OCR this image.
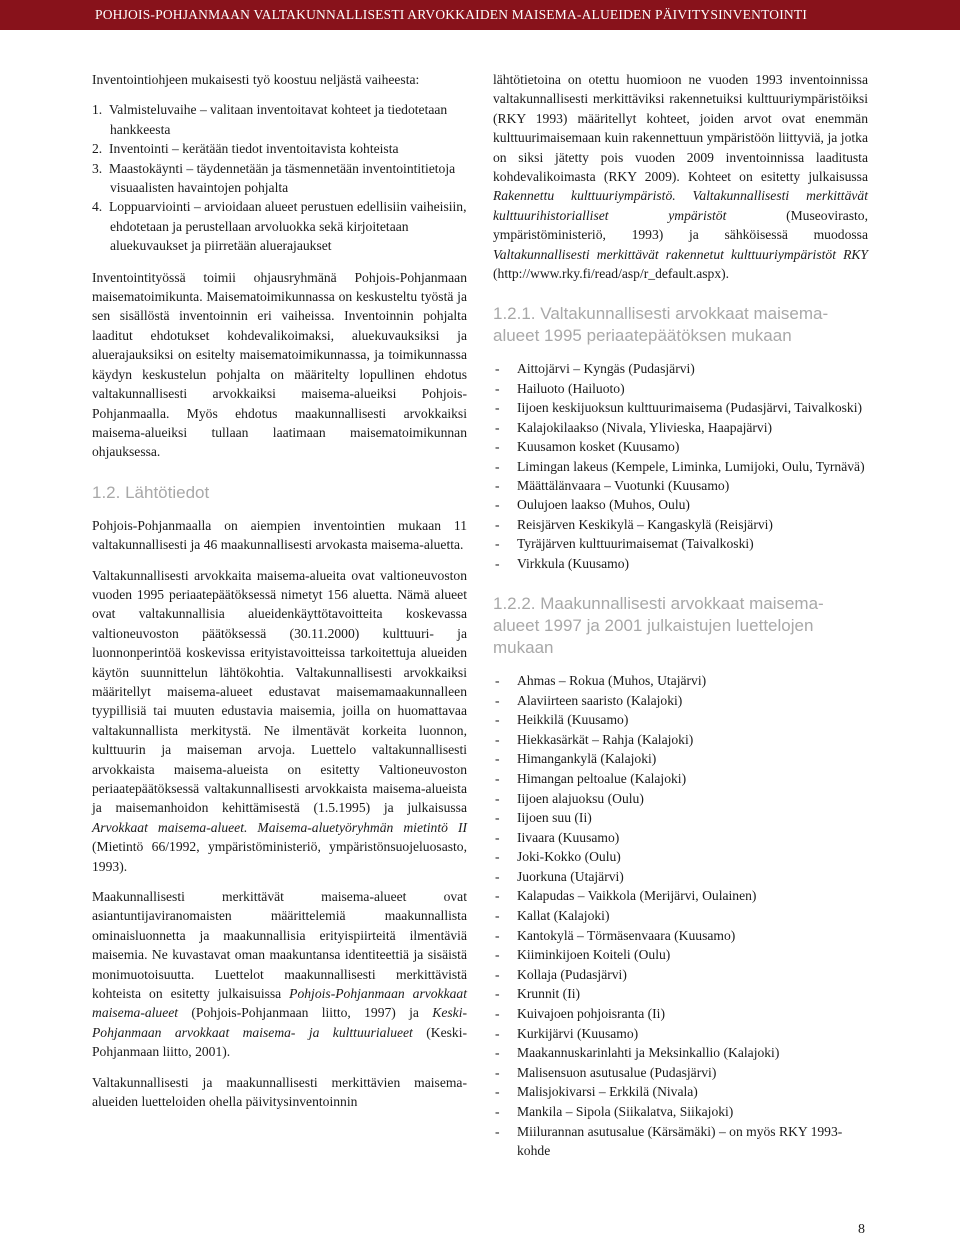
POHJOIS-POHJANMAAN VALTAKUNNALLISESTI ARVOKKAIDEN MAISEMA-ALUEIDEN PÄIVITYSINVENTOINTI

Inventointiohjeen mukaisesti työ koostuu neljästä vaiheesta:

1.  Valmisteluvaihe – valitaan inventoitavat kohteet ja tiedotetaan hankkeesta
2.  Inventointi – kerätään tiedot inventoitavista kohteista
3.  Maastokäynti – täydennetään ja täsmennetään inventointitietoja visuaalisten havaintojen pohjalta
4.  Loppuarviointi – arvioidaan alueet perustuen edellisiin vaiheisiin, ehdotetaan ja perustellaan arvoluokka sekä kirjoitetaan aluekuvaukset ja piirretään aluerajaukset

Inventointityössä toimii ohjausryhmänä Pohjois-Pohjanmaan maisematoimikunta. Maisematoimikunnassa on keskusteltu työstä ja sen sisällöstä inventoinnin eri vaiheissa. Inventoinnin pohjalta laaditut ehdotukset kohdevalikoimaksi, aluekuvauksiksi ja aluerajauksiksi on esitelty maisematoimikunnassa, ja toimikunnassa käydyn keskustelun pohjalta on määritelty lopullinen ehdotus valtakunnallisesti arvokkaiksi maisema-alueiksi Pohjois-Pohjanmaalla. Myös ehdotus maakunnallisesti arvokkaiksi maisema-alueiksi tullaan laatimaan maisematoimikunnan ohjauksessa.

1.2. Lähtötiedot

Pohjois-Pohjanmaalla on aiempien inventointien mukaan 11 valtakunnallisesti ja 46 maakunnallisesti arvokasta maisema-aluetta.

Valtakunnallisesti arvokkaita maisema-alueita ovat valtioneuvoston vuoden 1995 periaatepäätöksessä nimetyt 156 aluetta. Nämä alueet ovat valtakunnallisia alueidenkäyttötavoitteita koskevassa valtioneuvoston päätöksessä (30.11.2000) kulttuuri- ja luonnonperintöä koskevissa erityistavoitteissa tarkoitettuja alueiden käytön suunnittelun lähtökohtia. Valtakunnallisesti arvokkaiksi määritellyt maisema-alueet edustavat maisemamaakunnalleen tyypillisiä tai muuten edustavia maisemia, joilla on huomattavaa valtakunnallista merkitystä. Ne ilmentävät korkeita luonnon, kulttuurin ja maiseman arvoja. Luettelo valtakunnallisesti arvokkaista maisema-alueista on esitetty Valtioneuvoston periaatepäätöksessä valtakunnallisesti arvokkaista maisema-alueista ja maisemanhoidon kehittämisestä (1.5.1995) ja julkaisussa Arvokkaat maisema-alueet. Maisema-aluetyöryhmän mietintö II (Mietintö 66/1992, ympäristöministeriö, ympäristönsuojeluosasto, 1993).

Maakunnallisesti merkittävät maisema-alueet ovat asiantuntijaviranomaisten määrittelemiä maakunnallista ominaisluonnetta ja maakunnallisia erityispiirteitä ilmentäviä maisemia. Ne kuvastavat oman maakuntansa identiteettiä ja sisäistä monimuotoisuutta. Luettelot maakunnallisesti merkittävistä kohteista on esitetty julkaisuissa Pohjois-Pohjanmaan arvokkaat maisema-alueet (Pohjois-Pohjanmaan liitto, 1997) ja Keski-Pohjanmaan arvokkaat maisema- ja kulttuurialueet (Keski-Pohjanmaan liitto, 2001).

Valtakunnallisesti ja maakunnallisesti merkittävien maisema-alueiden luetteloiden ohella päivitysinventoinnin

lähtötietoina on otettu huomioon ne vuoden 1993 inventoinnissa valtakunnallisesti merkittäviksi rakennetuiksi kulttuuriympäristöiksi (RKY 1993) määritellyt kohteet, joiden arvot ovat enemmän kulttuurimaisemaan kuin rakennettuun ympäristöön liittyviä, ja jotka on siksi jätetty pois vuoden 2009 inventoinnissa laaditusta kohdevalikoimasta (RKY 2009). Kohteet on esitetty julkaisussa Rakennettu kulttuuriympäristö. Valtakunnallisesti merkittävät kulttuurihistorialliset ympäristöt (Museovirasto, ympäristöministeriö, 1993) ja sähköisessä muodossa Valtakunnallisesti merkittävät rakennetut kulttuuriympäristöt RKY (http://www.rky.fi/read/asp/r_default.aspx).

1.2.1. Valtakunnallisesti arvokkaat maisema-alueet 1995 periaatepäätöksen mukaan
- Aittojärvi – Kyngäs (Pudasjärvi)
- Hailuoto (Hailuoto)
- Iijoen keskijuoksun kulttuurimaisema (Pudasjärvi, Taivalkoski)
- Kalajokilaakso (Nivala, Ylivieska, Haapajärvi)
- Kuusamon kosket (Kuusamo)
- Limingan lakeus (Kempele, Liminka, Lumijoki, Oulu, Tyrnävä)
- Määttälänvaara – Vuotunki (Kuusamo)
- Oulujoen laakso (Muhos, Oulu)
- Reisjärven Keskikylä – Kangaskylä (Reisjärvi)
- Tyräjärven kulttuurimaisemat (Taivalkoski)
- Virkkula (Kuusamo)
1.2.2. Maakunnallisesti arvokkaat maisema-alueet 1997 ja 2001 julkaistujen luettelojen mukaan
- Ahmas – Rokua (Muhos, Utajärvi)
- Alaviirteen saaristo (Kalajoki)
- Heikkilä (Kuusamo)
- Hiekkasärkät – Rahja (Kalajoki)
- Himangankylä (Kalajoki)
- Himangan peltoalue (Kalajoki)
- Iijoen alajuoksu (Oulu)
- Iijoen suu (Ii)
- Iivaara (Kuusamo)
- Joki-Kokko (Oulu)
- Juorkuna (Utajärvi)
- Kalapudas – Vaikkola (Merijärvi, Oulainen)
- Kallat (Kalajoki)
- Kantokylä – Törmäsenvaara (Kuusamo)
- Kiiminkijoen Koiteli (Oulu)
- Kollaja (Pudasjärvi)
- Krunnit (Ii)
- Kuivajoen pohjoisranta (Ii)
- Kurkijärvi (Kuusamo)
- Maakannuskarinlahti ja Meksinkallio (Kalajoki)
- Malisensuon asutusalue (Pudasjärvi)
- Malisjokivarsi – Erkkilä (Nivala)
- Mankila – Sipola (Siikalatva, Siikajoki)
- Miilurannan asutusalue (Kärsämäki) – on myös RKY 1993-kohde
8
